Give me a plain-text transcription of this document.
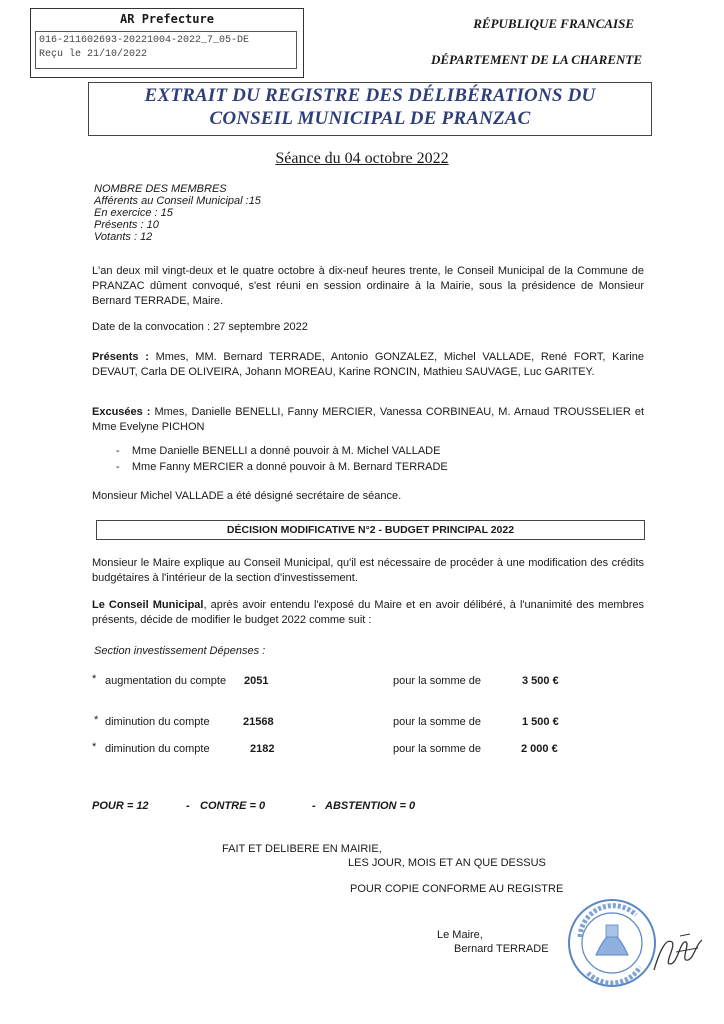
AR Prefecture
016-211602693-20221004-2022_7_05-DE
Reçu le 21/10/2022
RÉPUBLIQUE FRANCAISE
DÉPARTEMENT DE LA CHARENTE
EXTRAIT DU REGISTRE DES DÉLIBÉRATIONS DU
CONSEIL MUNICIPAL DE PRANZAC
Séance du 04 octobre 2022
NOMBRE DES MEMBRES
Afférents au Conseil Municipal :15
En exercice : 15
Présents : 10
Votants : 12
L'an deux mil vingt-deux et le quatre octobre à dix-neuf heures trente, le Conseil Municipal de la Commune de PRANZAC dûment convoqué, s'est réuni en session ordinaire à la Mairie, sous la présidence de Monsieur Bernard TERRADE, Maire.
Date de la convocation : 27 septembre 2022
Présents : Mmes, MM. Bernard TERRADE, Antonio GONZALEZ, Michel VALLADE, René FORT, Karine DEVAUT, Carla DE OLIVEIRA, Johann MOREAU, Karine RONCIN, Mathieu SAUVAGE, Luc GARITEY.
Excusées : Mmes, Danielle BENELLI, Fanny MERCIER, Vanessa CORBINEAU, M. Arnaud TROUSSELIER et Mme Evelyne PICHON
-    Mme Danielle BENELLI a donné pouvoir à M. Michel VALLADE
-    Mme Fanny MERCIER a donné pouvoir à M. Bernard TERRADE
Monsieur Michel VALLADE a été désigné secrétaire de séance.
DÉCISION MODIFICATIVE N°2 - BUDGET PRINCIPAL 2022
Monsieur le Maire explique au Conseil Municipal, qu'il est nécessaire de procéder à une modification des crédits budgétaires à l'intérieur de la section d'investissement.
Le Conseil Municipal, après avoir entendu l'exposé du Maire et en avoir délibéré, à l'unanimité des membres présents, décide de modifier le budget 2022 comme suit :
Section investissement Dépenses :
* augmentation du compte 2051	pour la somme de	3 500 €
* diminution du compte	21568	pour la somme de	1 500 €
* diminution du compte	2182	pour la somme de	2 000 €
POUR = 12	- CONTRE = 0	- ABSTENTION = 0
FAIT ET DELIBERE EN MAIRIE,
LES JOUR, MOIS ET AN QUE DESSUS
POUR COPIE CONFORME AU REGISTRE
Le Maire,
Bernard TERRADE
